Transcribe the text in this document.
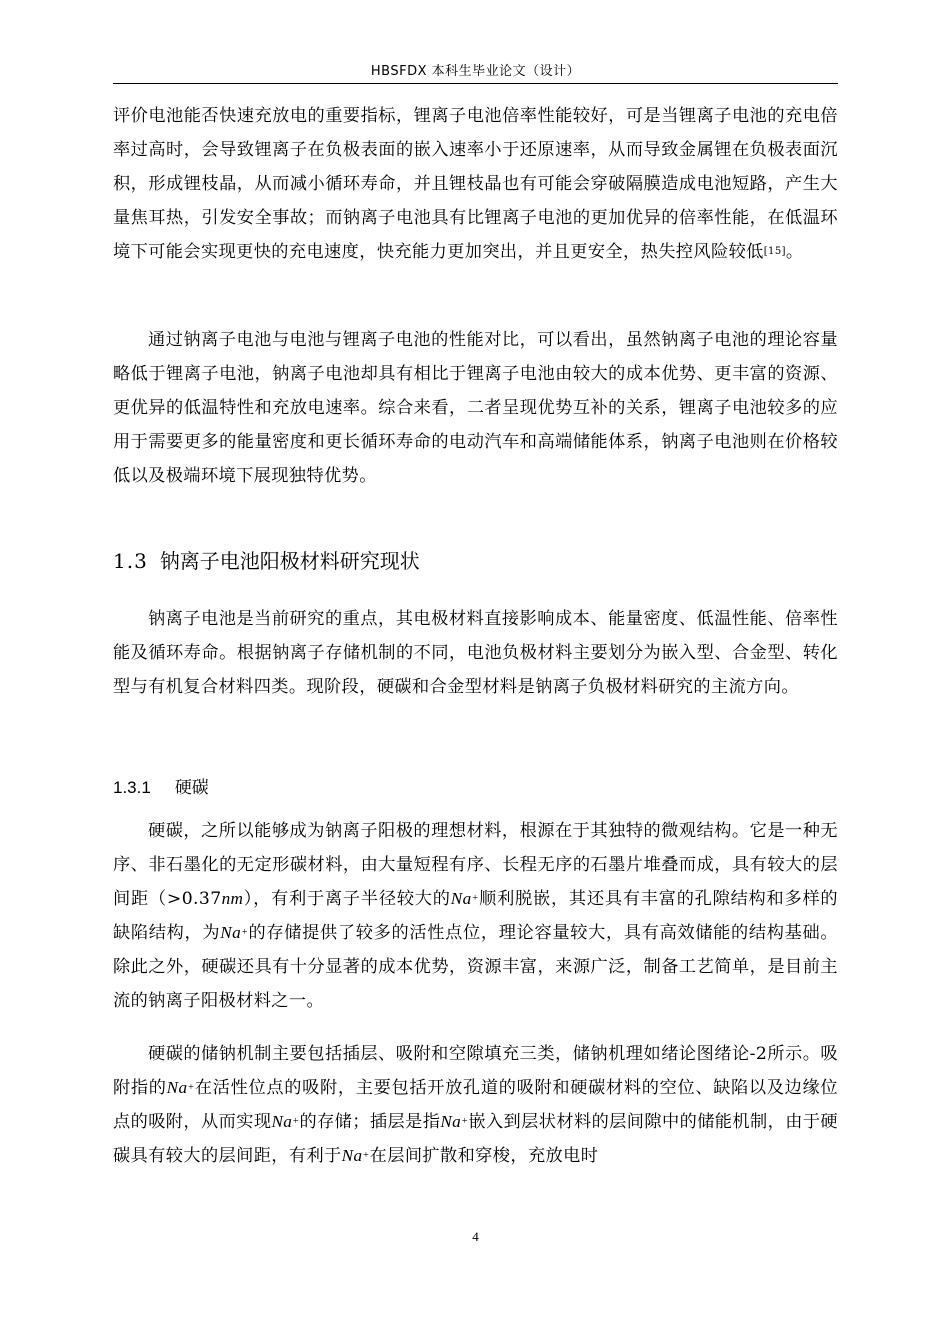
HBSFDX 本科生毕业论文（设计）

评价电池能否快速充放电的重要指标，锂离子电池倍率性能较好，可是当锂离子电池的充电倍率过高时，会导致锂离子在负极表面的嵌入速率小于还原速率，从而导致金属锂在负极表面沉积，形成锂枝晶，从而减小循环寿命，并且锂枝晶也有可能会穿破隔膜造成电池短路，产生大量焦耳热，引发安全事故；而钠离子电池具有比锂离子电池的更加优异的倍率性能，在低温环境下可能会实现更快的充电速度，快充能力更加突出，并且更安全，热失控风险较低[15]。

通过钠离子电池与电池与锂离子电池的性能对比，可以看出，虽然钠离子电池的理论容量略低于锂离子电池，钠离子电池却具有相比于锂离子电池由较大的成本优势、更丰富的资源、更优异的低温特性和充放电速率。综合来看，二者呈现优势互补的关系，锂离子电池较多的应用于需要更多的能量密度和更长循环寿命的电动汽车和高端储能体系，钠离子电池则在价格较低以及极端环境下展现独特优势。

1.3 钠离子电池阳极材料研究现状

钠离子电池是当前研究的重点，其电极材料直接影响成本、能量密度、低温性能、倍率性能及循环寿命。根据钠离子存储机制的不同，电池负极材料主要划分为嵌入型、合金型、转化型与有机复合材料四类。现阶段，硬碳和合金型材料是钠离子负极材料研究的主流方向。

1.3.1 硬碳

硬碳，之所以能够成为钠离子阳极的理想材料，根源在于其独特的微观结构。它是一种无序、非石墨化的无定形碳材料，由大量短程有序、长程无序的石墨片堆叠而成，具有较大的层间距（>0.37nm），有利于离子半径较大的Na+顺利脱嵌，其还具有丰富的孔隙结构和多样的缺陷结构，为Na+的存储提供了较多的活性点位，理论容量较大，具有高效储能的结构基础。除此之外，硬碳还具有十分显著的成本优势，资源丰富，来源广泛，制备工艺简单，是目前主流的钠离子阳极材料之一。

硬碳的储钠机制主要包括插层、吸附和空隙填充三类，储钠机理如绪论图绪论-2所示。吸附指的Na+在活性位点的吸附，主要包括开放孔道的吸附和硬碳材料的空位、缺陷以及边缘位点的吸附，从而实现Na+的存储；插层是指Na+嵌入到层状材料的层间隙中的储能机制，由于硬碳具有较大的层间距，有利于Na+在层间扩散和穿梭，充放电时

4
